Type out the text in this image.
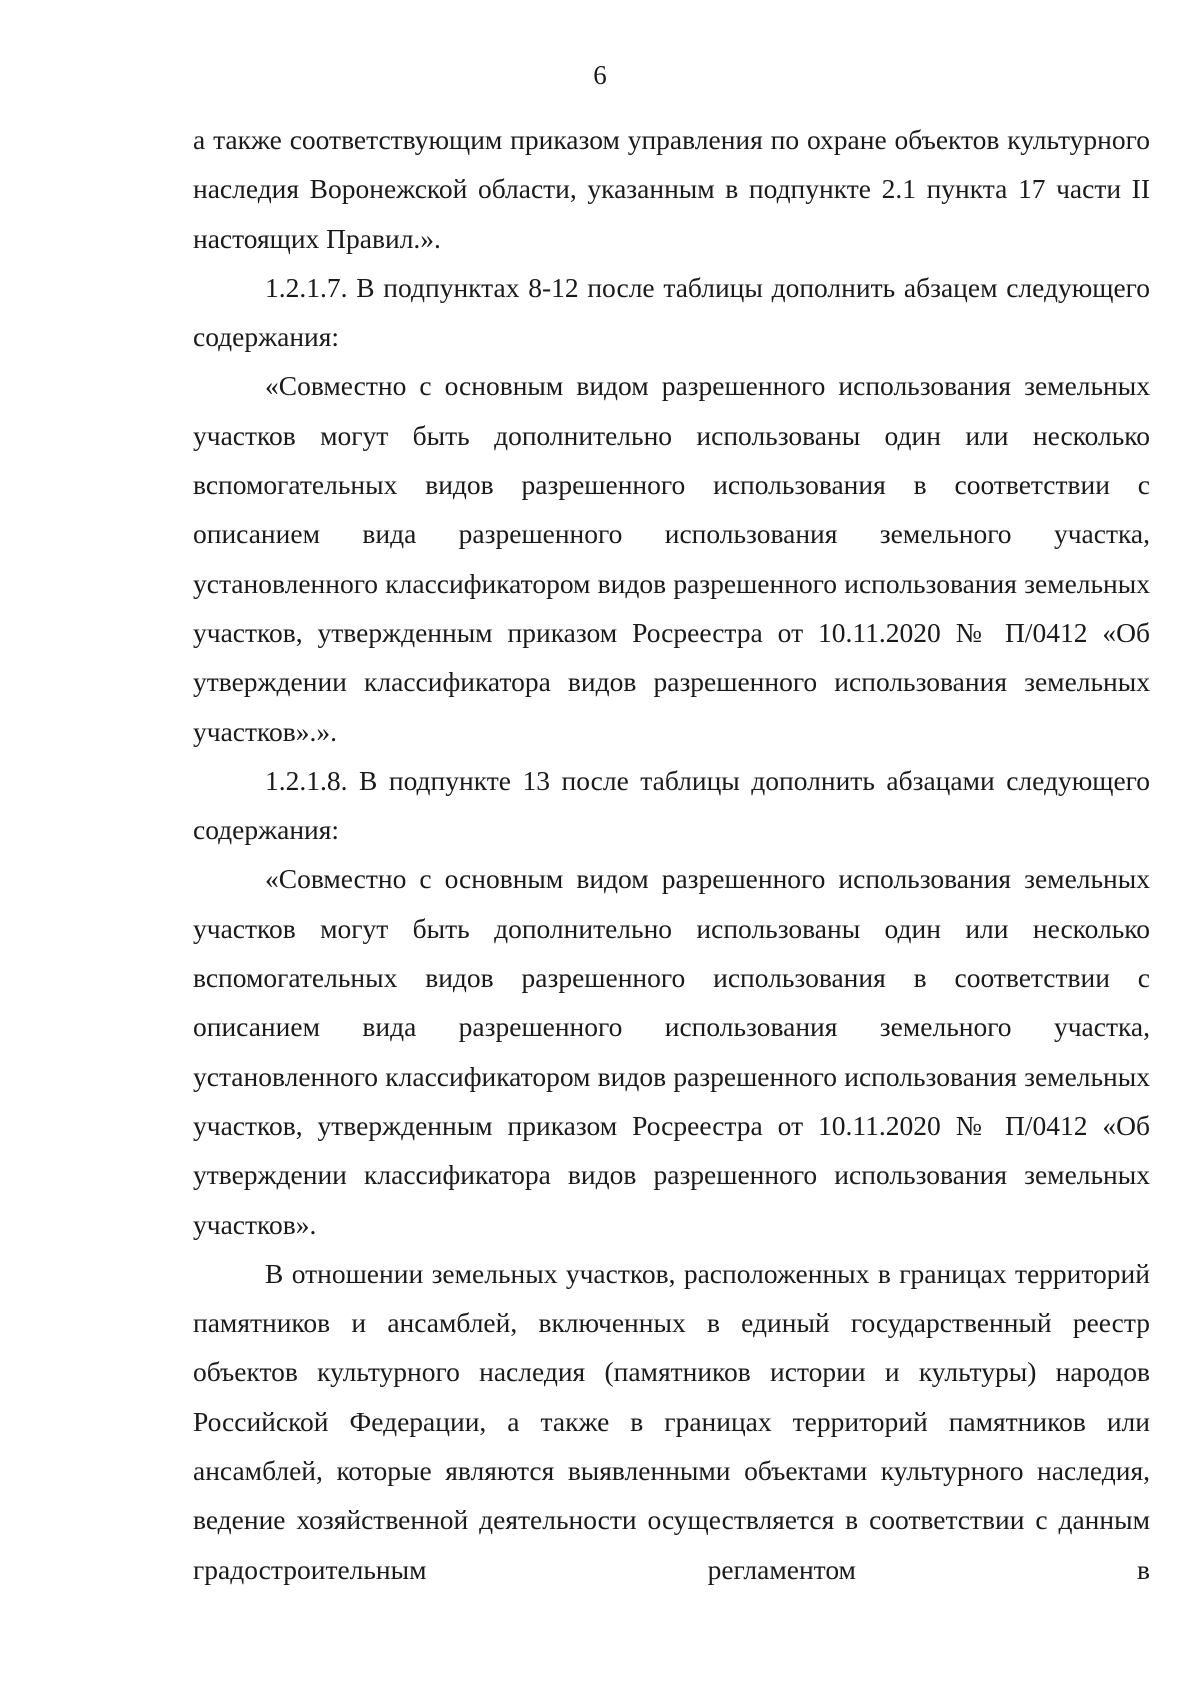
6

а также соответствующим приказом управления по охране объектов культурного наследия Воронежской области, указанным в подпункте 2.1 пункта 17 части II настоящих Правил.».

1.2.1.7. В подпунктах 8-12 после таблицы дополнить абзацем следующего содержания:

«Совместно с основным видом разрешенного использования земельных участков могут быть дополнительно использованы один или несколько вспомогательных видов разрешенного использования в соответствии с описанием вида разрешенного использования земельного участка, установленного классификатором видов разрешенного использования земельных участков, утвержденным приказом Росреестра от 10.11.2020 № П/0412 «Об утверждении классификатора видов разрешенного использования земельных участков».».

1.2.1.8. В подпункте 13 после таблицы дополнить абзацами следующего содержания:

«Совместно с основным видом разрешенного использования земельных участков могут быть дополнительно использованы один или несколько вспомогательных видов разрешенного использования в соответствии с описанием вида разрешенного использования земельного участка, установленного классификатором видов разрешенного использования земельных участков, утвержденным приказом Росреестра от 10.11.2020 № П/0412 «Об утверждении классификатора видов разрешенного использования земельных участков».

В отношении земельных участков, расположенных в границах территорий памятников и ансамблей, включенных в единый государственный реестр объектов культурного наследия (памятников истории и культуры) народов Российской Федерации, а также в границах территорий памятников или ансамблей, которые являются выявленными объектами культурного наследия, ведение хозяйственной деятельности осуществляется в соответствии с данным градостроительным регламентом в
